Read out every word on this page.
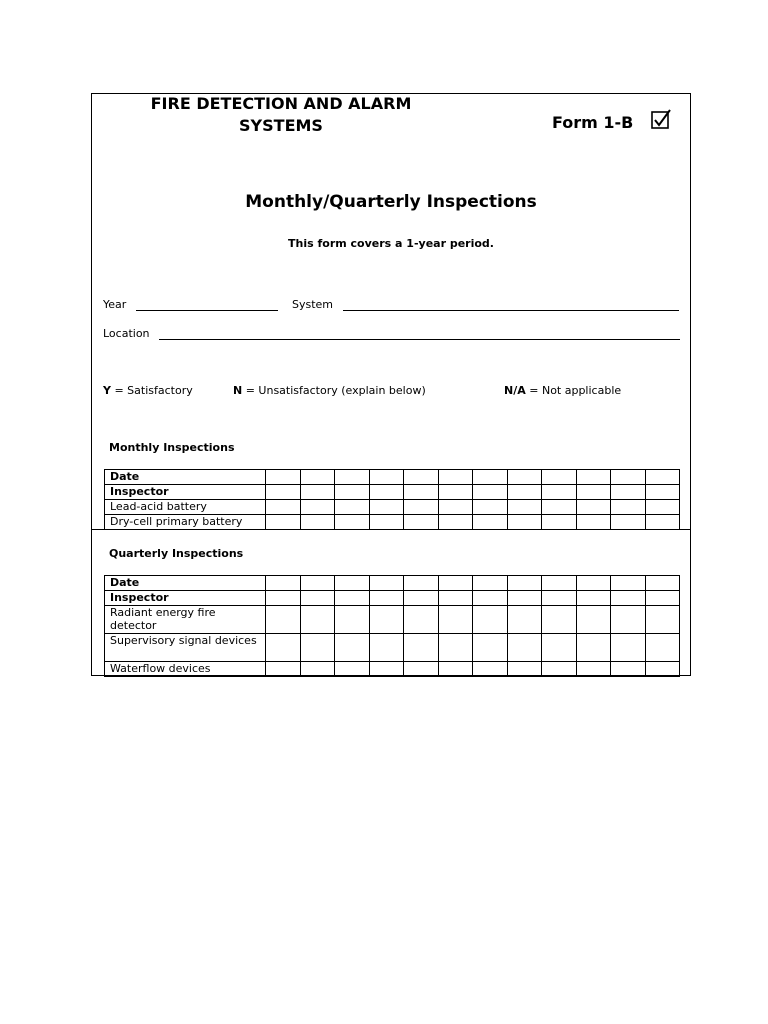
FIRE DETECTION AND ALARM SYSTEMS	Form 1-B
Monthly/Quarterly Inspections
This form covers a 1-year period.
Year	System
Location
Y = Satisfactory	N = Unsatisfactory (explain below)	N/A = Not applicable
Monthly Inspections
Date												
Inspector												
Lead-acid battery												
Dry-cell primary battery												
Quarterly Inspections
Date												
Inspector												
Radiant energy fire detector												
Supervisory signal devices												
Waterflow devices												
